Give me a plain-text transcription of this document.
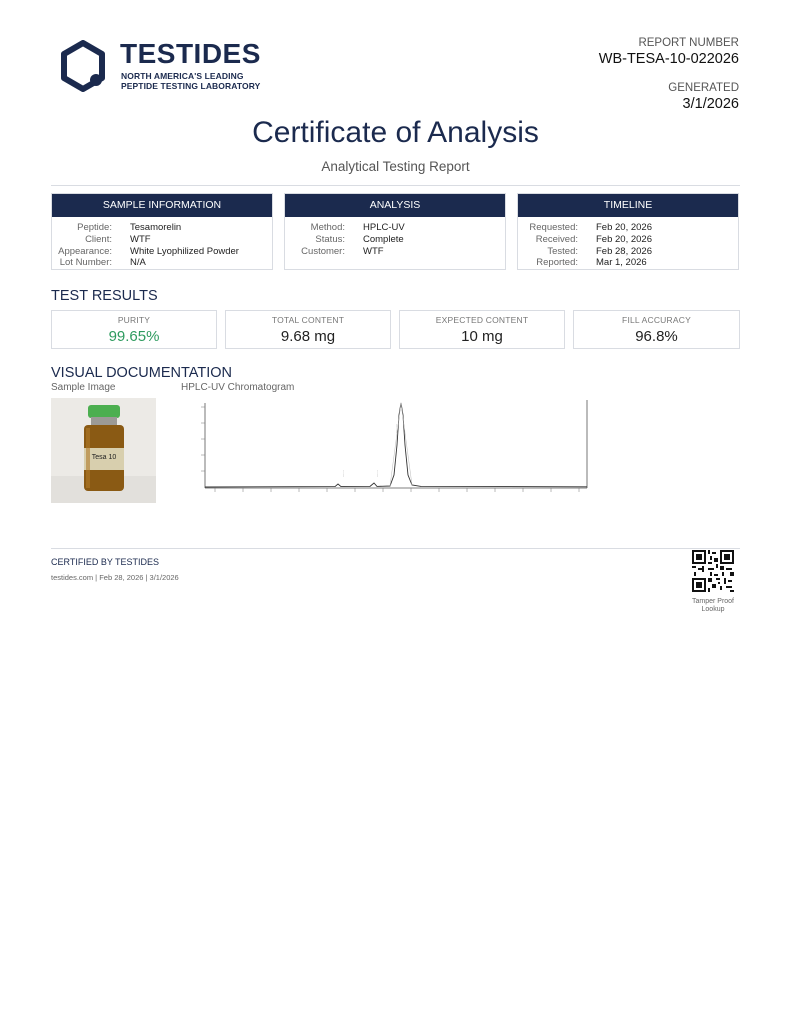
TESTIDES
NORTH AMERICA'S LEADING
PEPTIDE TESTING LABORATORY
REPORT NUMBER
WB-TESA-10-022026
GENERATED
3/1/2026
Certificate of Analysis
Analytical Testing Report
SAMPLE INFORMATION
Peptide:	Tesamorelin
Client:	WTF
Appearance:	White Lyophilized Powder
Lot Number:	N/A
ANALYSIS
Method:	HPLC-UV
Status:	Complete
Customer:	WTF
TIMELINE
Requested:	Feb 20, 2026
Received:	Feb 20, 2026
Tested:	Feb 28, 2026
Reported:	Mar 1, 2026
TEST RESULTS
PURITY
99.65%
TOTAL CONTENT
9.68 mg
EXPECTED CONTENT
10 mg
FILL ACCURACY
96.8%
VISUAL DOCUMENTATION
Sample Image	HPLC-UV Chromatogram
Tesa 10
······	······
········
CERTIFIED BY TESTIDES
testides.com | Feb 28, 2026 | 3/1/2026
Tamper Proof
Lookup
